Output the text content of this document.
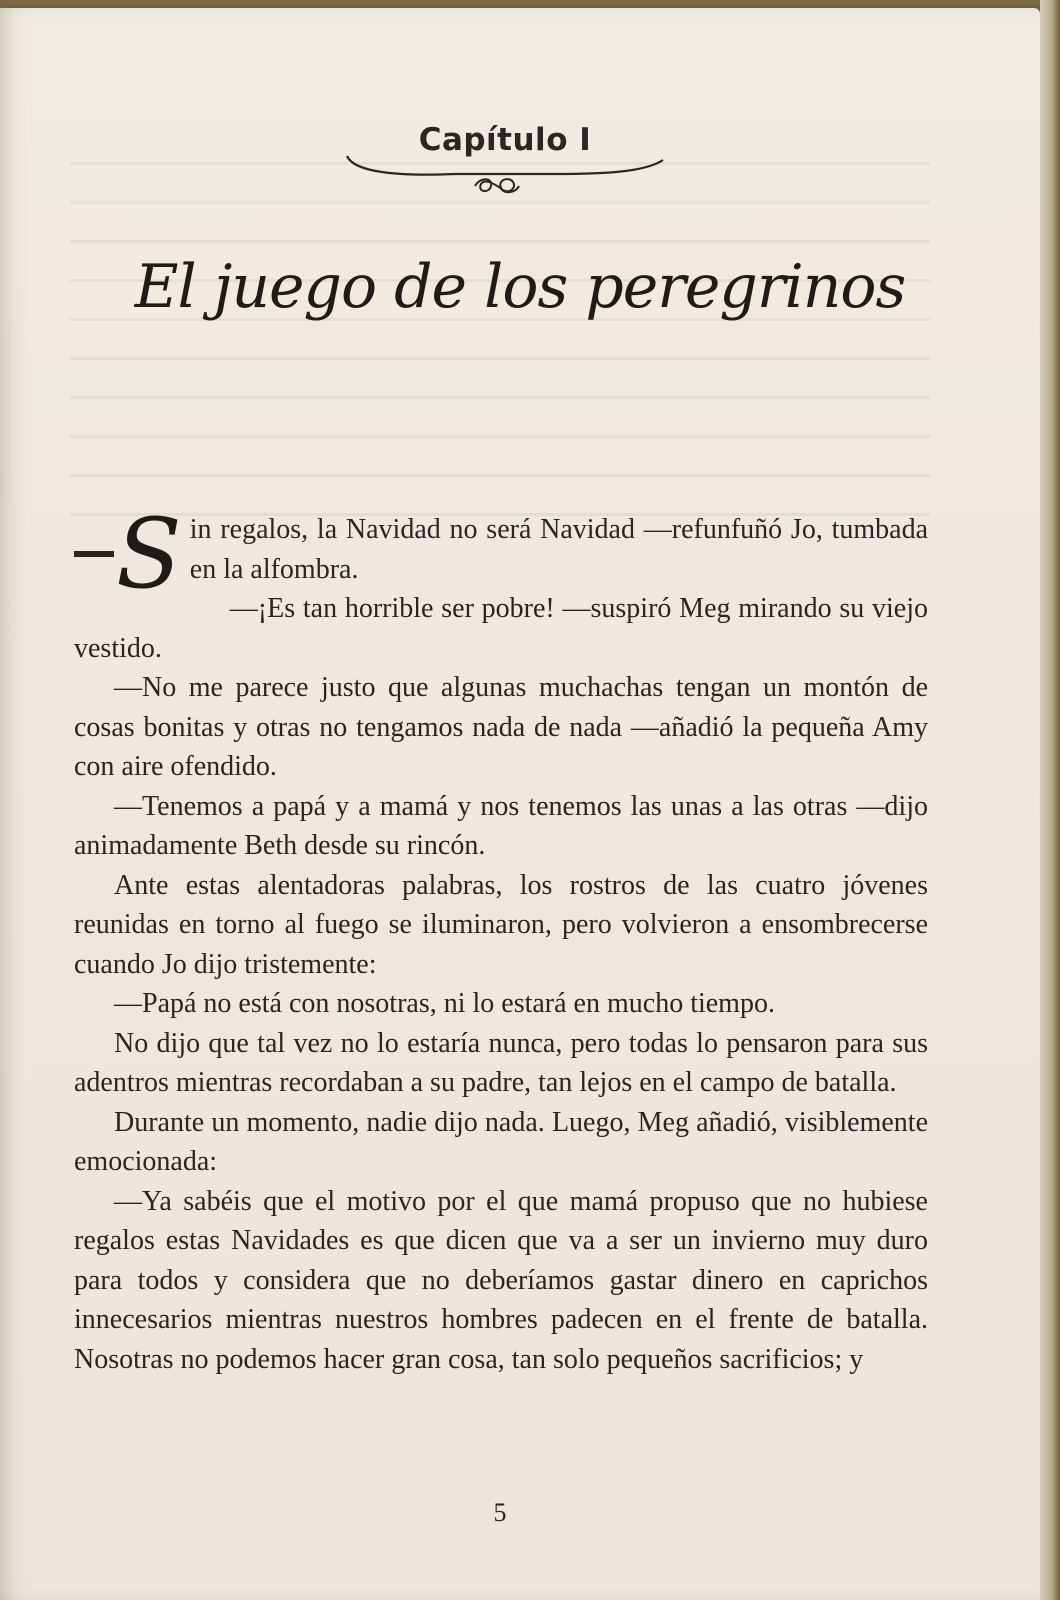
Capítulo I
El juego de los peregrinos

S in regalos, la Navidad no será Navidad —refunfuñó Jo, tumbada en la alfombra.

—¡Es tan horrible ser pobre! —suspiró Meg mirando su viejo vestido.

—No me parece justo que algunas muchachas tengan un montón de cosas bonitas y otras no tengamos nada de nada —añadió la pequeña Amy con aire ofendido.

—Tenemos a papá y a mamá y nos tenemos las unas a las otras —dijo animadamente Beth desde su rincón.

Ante estas alentadoras palabras, los rostros de las cuatro jóvenes reunidas en torno al fuego se iluminaron, pero volvieron a ensombrecerse cuando Jo dijo tristemente:

—Papá no está con nosotras, ni lo estará en mucho tiempo.

No dijo que tal vez no lo estaría nunca, pero todas lo pensaron para sus adentros mientras recordaban a su padre, tan lejos en el campo de batalla.

Durante un momento, nadie dijo nada. Luego, Meg añadió, visiblemente emocionada:

—Ya sabéis que el motivo por el que mamá propuso que no hubiese regalos estas Navidades es que dicen que va a ser un invierno muy duro para todos y considera que no deberíamos gastar dinero en caprichos innecesarios mientras nuestros hombres padecen en el frente de batalla. Nosotras no podemos hacer gran cosa, tan solo pequeños sacrificios; y

5
